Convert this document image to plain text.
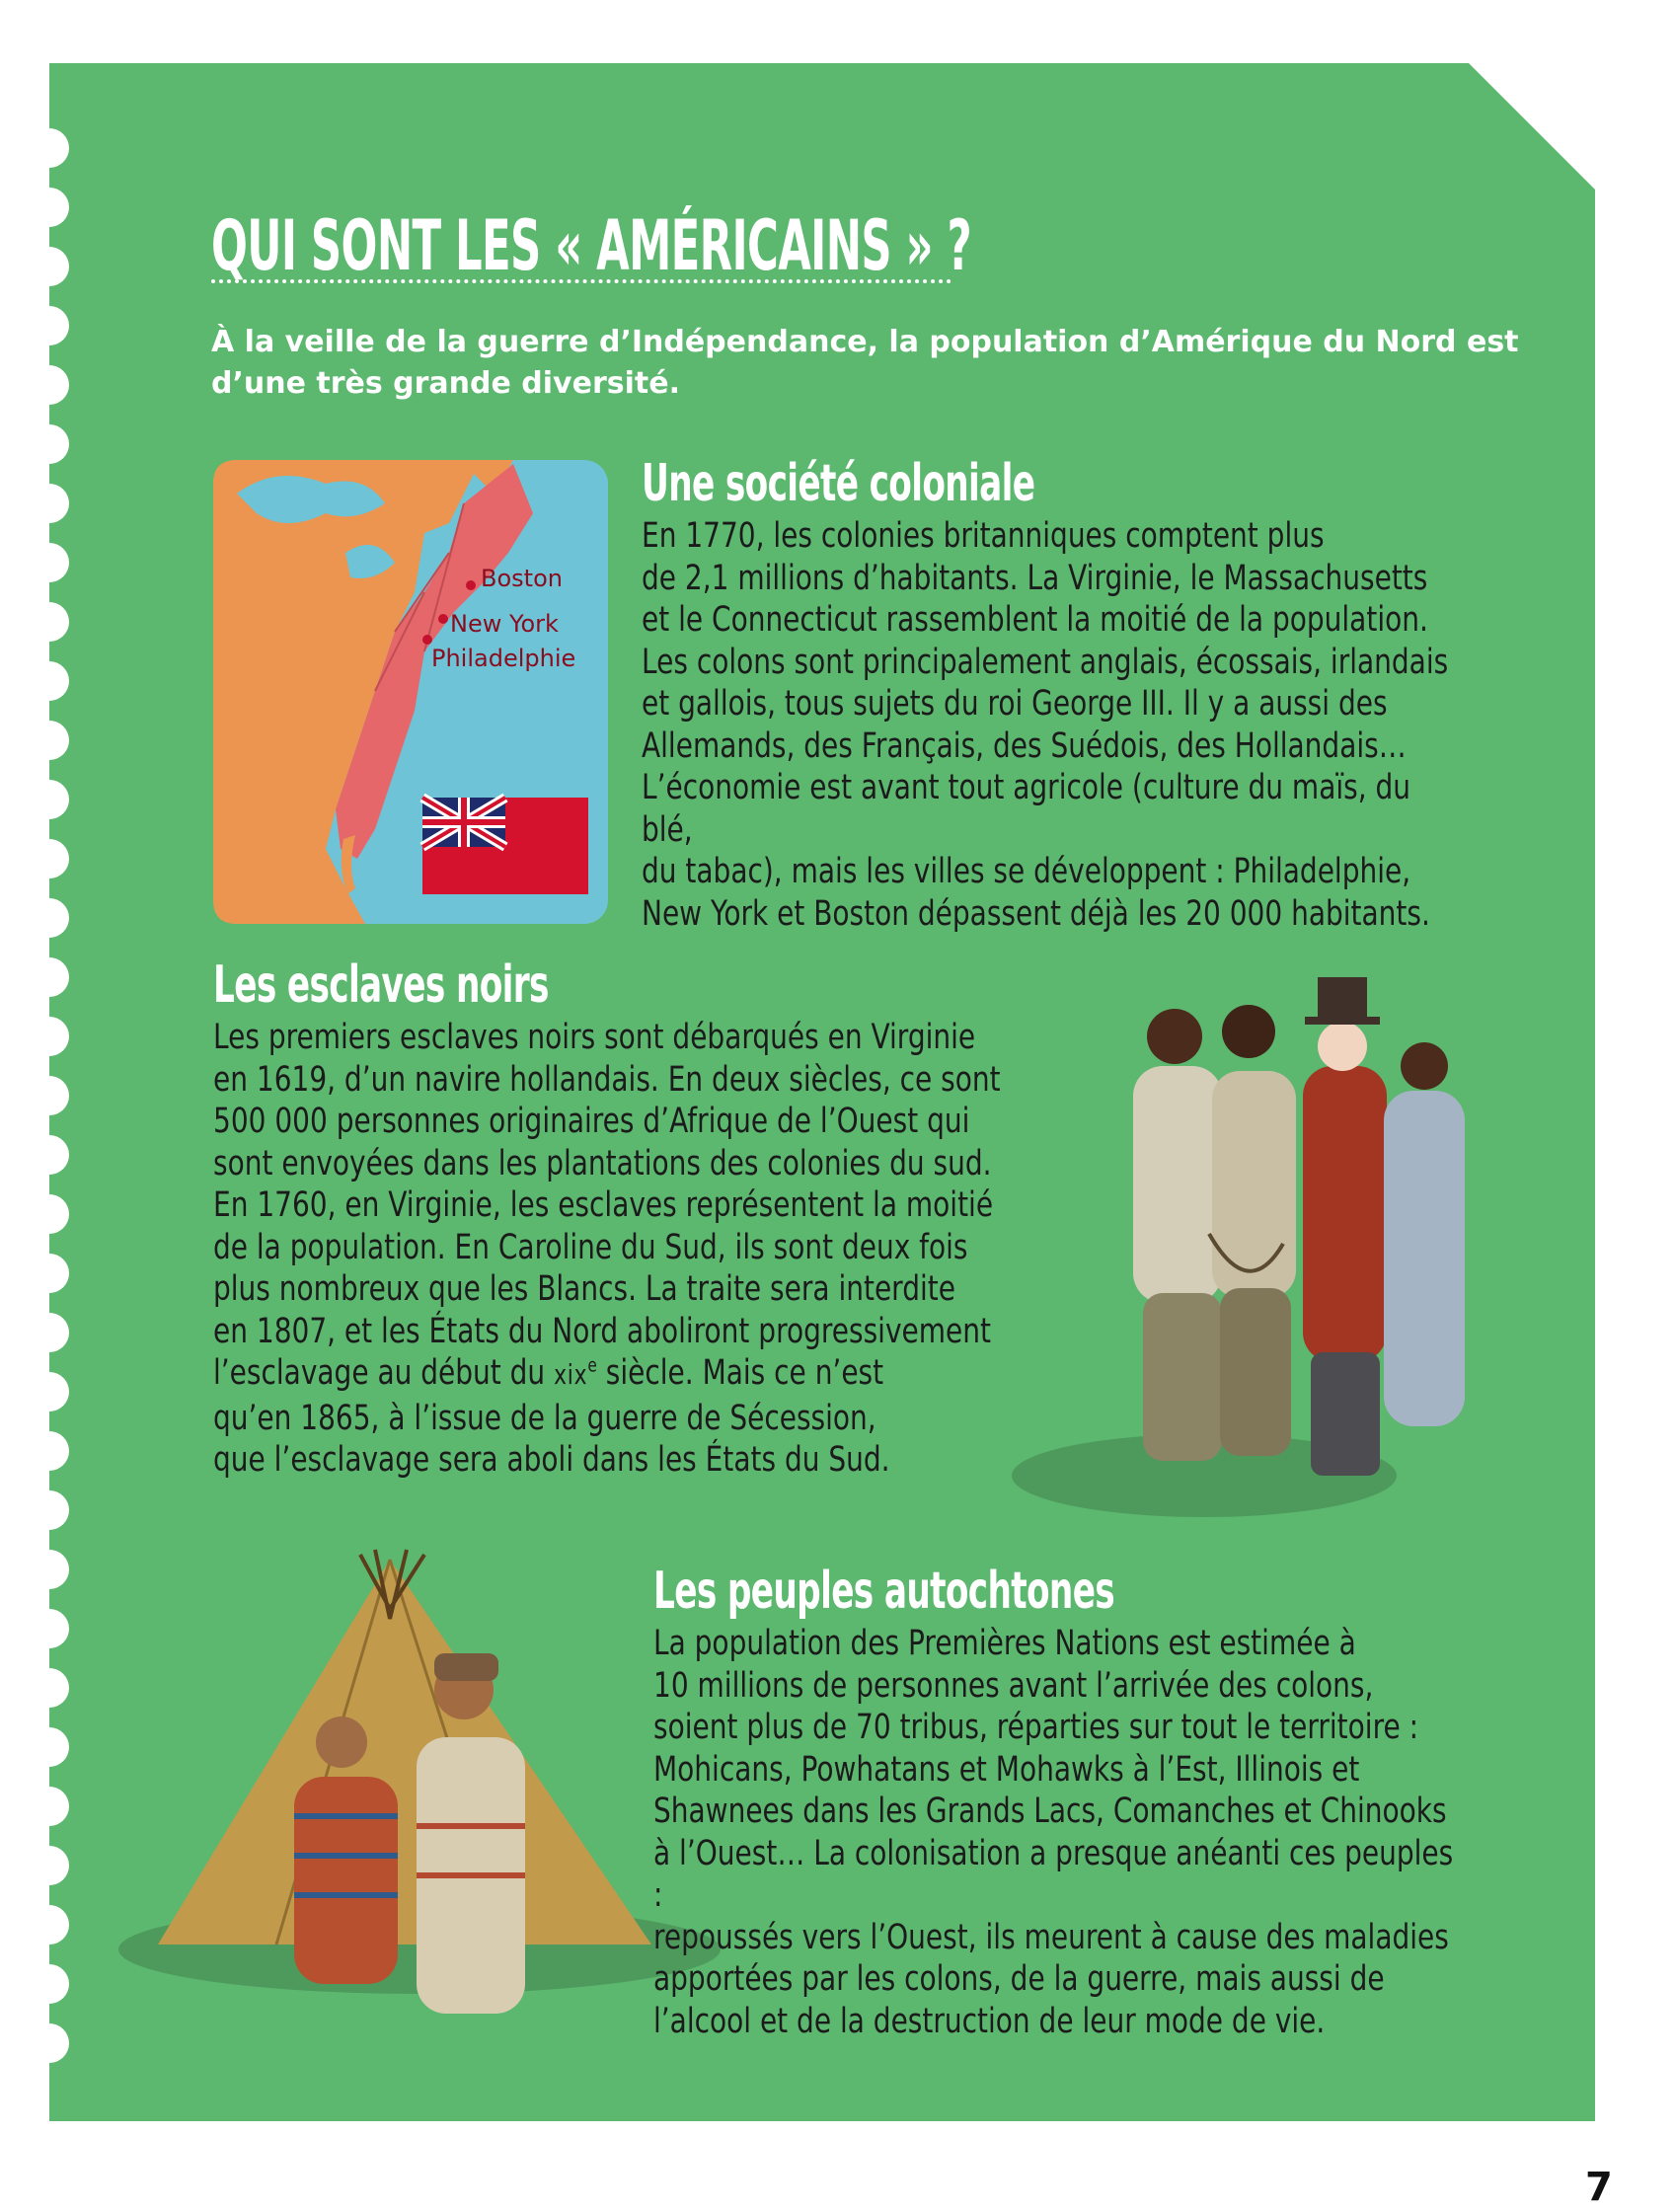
QUI SONT LES « AMÉRICAINS » ?

À la veille de la guerre d’Indépendance, la population d’Amérique du Nord est d’une très grande diversité.

Boston
New York
Philadelphie
Une société coloniale

En 1770, les colonies britanniques comptent plus
de 2,1 millions d’habitants. La Virginie, le Massachusetts
et le Connecticut rassemblent la moitié de la population.
Les colons sont principalement anglais, écossais, irlandais
et gallois, tous sujets du roi George III. Il y a aussi des
Allemands, des Français, des Suédois, des Hollandais…
L’économie est avant tout agricole (culture du maïs, du blé,
du tabac), mais les villes se développent : Philadelphie,
New York et Boston dépassent déjà les 20 000 habitants.

Les esclaves noirs

Les premiers esclaves noirs sont débarqués en Virginie
en 1619, d’un navire hollandais. En deux siècles, ce sont
500 000 personnes originaires d’Afrique de l’Ouest qui
sont envoyées dans les plantations des colonies du sud.
En 1760, en Virginie, les esclaves représentent la moitié
de la population. En Caroline du Sud, ils sont deux fois
plus nombreux que les Blancs. La traite sera interdite
en 1807, et les États du Nord aboliront progressivement
l’esclavage au début du xix$^e$ siècle. Mais ce n’est
qu’en 1865, à l’issue de la guerre de Sécession,
que l’esclavage sera aboli dans les États du Sud.

Les peuples autochtones

La population des Premières Nations est estimée à
10 millions de personnes avant l’arrivée des colons,
soient plus de 70 tribus, réparties sur tout le territoire :
Mohicans, Powhatans et Mohawks à l’Est, Illinois et
Shawnees dans les Grands Lacs, Comanches et Chinooks
à l’Ouest… La colonisation a presque anéanti ces peuples :
repoussés vers l’Ouest, ils meurent à cause des maladies
apportées par les colons, de la guerre, mais aussi de
l’alcool et de la destruction de leur mode de vie.

7
